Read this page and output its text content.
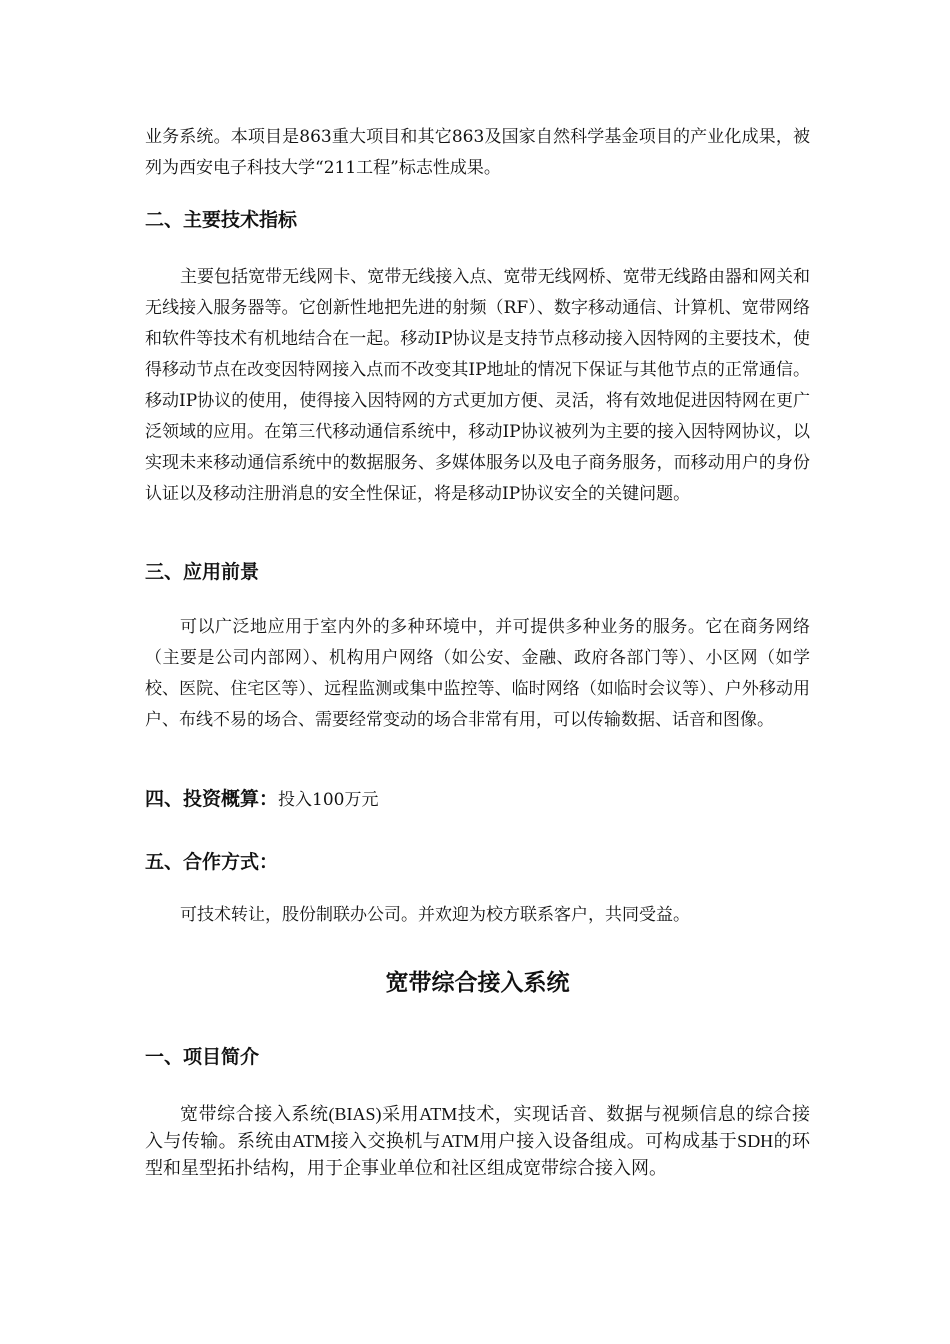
业务系统。本项目是863重大项目和其它863及国家自然科学基金项目的产业化成果，被列为西安电子科技大学“211工程”标志性成果。

二、主要技术指标

主要包括宽带无线网卡、宽带无线接入点、宽带无线网桥、宽带无线路由器和网关和无线接入服务器等。它创新性地把先进的射频（RF）、数字移动通信、计算机、宽带网络和软件等技术有机地结合在一起。移动IP协议是支持节点移动接入因特网的主要技术，使得移动节点在改变因特网接入点而不改变其IP地址的情况下保证与其他节点的正常通信。移动IP协议的使用，使得接入因特网的方式更加方便、灵活，将有效地促进因特网在更广泛领域的应用。在第三代移动通信系统中，移动IP协议被列为主要的接入因特网协议，以实现未来移动通信系统中的数据服务、多媒体服务以及电子商务服务，而移动用户的身份认证以及移动注册消息的安全性保证，将是移动IP协议安全的关键问题。

三、应用前景

可以广泛地应用于室内外的多种环境中，并可提供多种业务的服务。它在商务网络（主要是公司内部网）、机构用户网络（如公安、金融、政府各部门等）、小区网（如学校、医院、住宅区等）、远程监测或集中监控等、临时网络（如临时会议等）、户外移动用户、布线不易的场合、需要经常变动的场合非常有用，可以传输数据、话音和图像。

四、投资概算：投入100万元
五、合作方式：

可技术转让，股份制联办公司。并欢迎为校方联系客户，共同受益。

宽带综合接入系统
一、项目简介

宽带综合接入系统(BIAS)采用ATM技术，实现话音、数据与视频信息的综合接入与传输。系统由ATM接入交换机与ATM用户接入设备组成。可构成基于SDH的环型和星型拓扑结构，用于企事业单位和社区组成宽带综合接入网。
